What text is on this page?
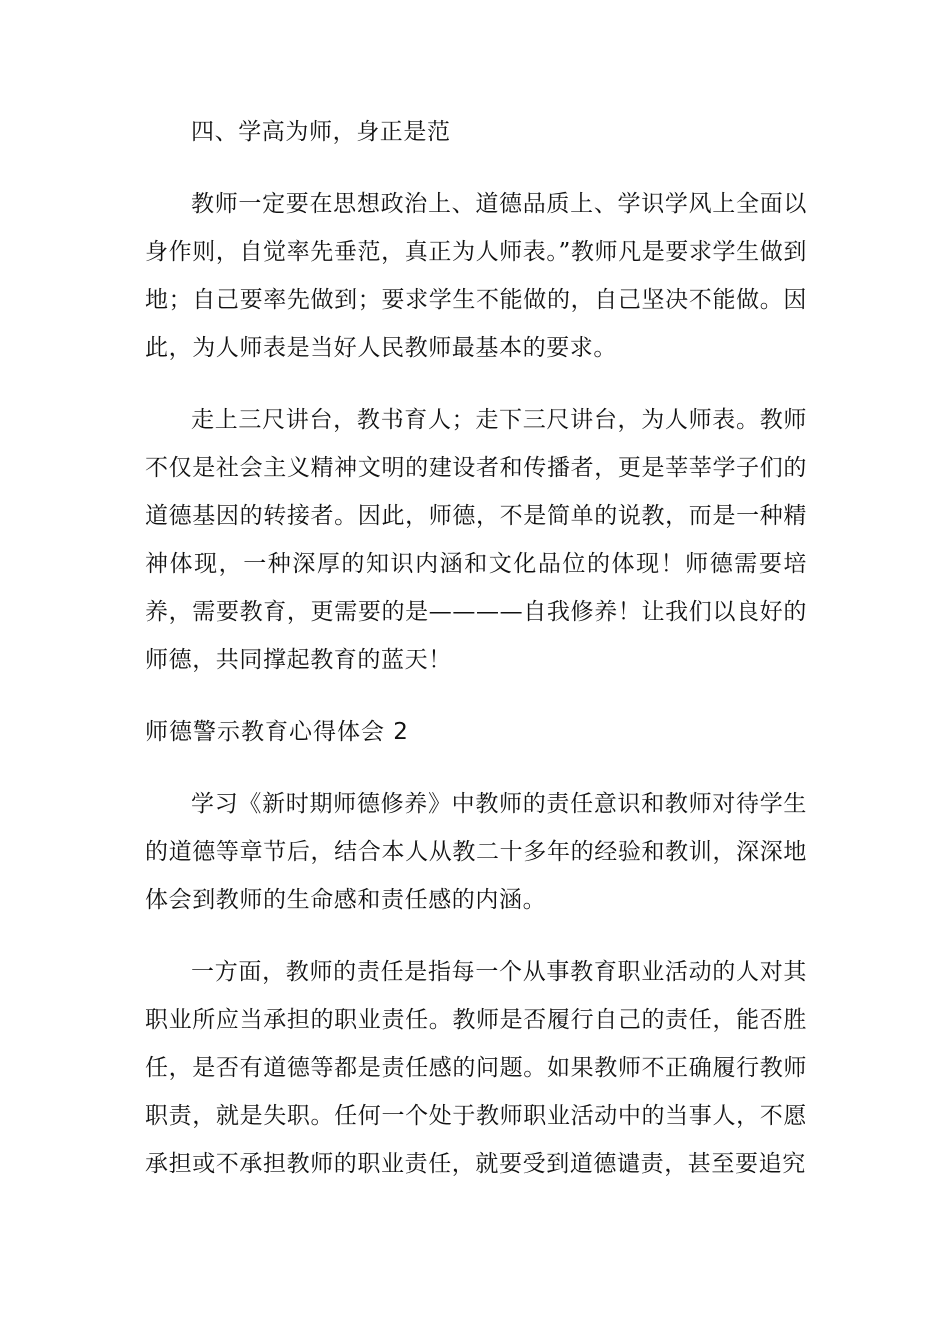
四、学高为师，身正是范

教师一定要在思想政治上、道德品质上、学识学风上全面以身作则，自觉率先垂范，真正为人师表。”教师凡是要求学生做到地；自己要率先做到；要求学生不能做的，自己坚决不能做。因此，为人师表是当好人民教师最基本的要求。

走上三尺讲台，教书育人；走下三尺讲台，为人师表。教师不仅是社会主义精神文明的建设者和传播者，更是莘莘学子们的道德基因的转接者。因此，师德，不是简单的说教，而是一种精神体现，一种深厚的知识内涵和文化品位的体现！师德需要培养，需要教育，更需要的是————自我修养！让我们以良好的师德，共同撑起教育的蓝天！

师德警示教育心得体会 2

学习《新时期师德修养》中教师的责任意识和教师对待学生的道德等章节后，结合本人从教二十多年的经验和教训，深深地体会到教师的生命感和责任感的内涵。

一方面，教师的责任是指每一个从事教育职业活动的人对其职业所应当承担的职业责任。教师是否履行自己的责任，能否胜任，是否有道德等都是责任感的问题。如果教师不正确履行教师职责，就是失职。任何一个处于教师职业活动中的当事人，不愿承担或不承担教师的职业责任，就要受到道德谴责，甚至要追究
